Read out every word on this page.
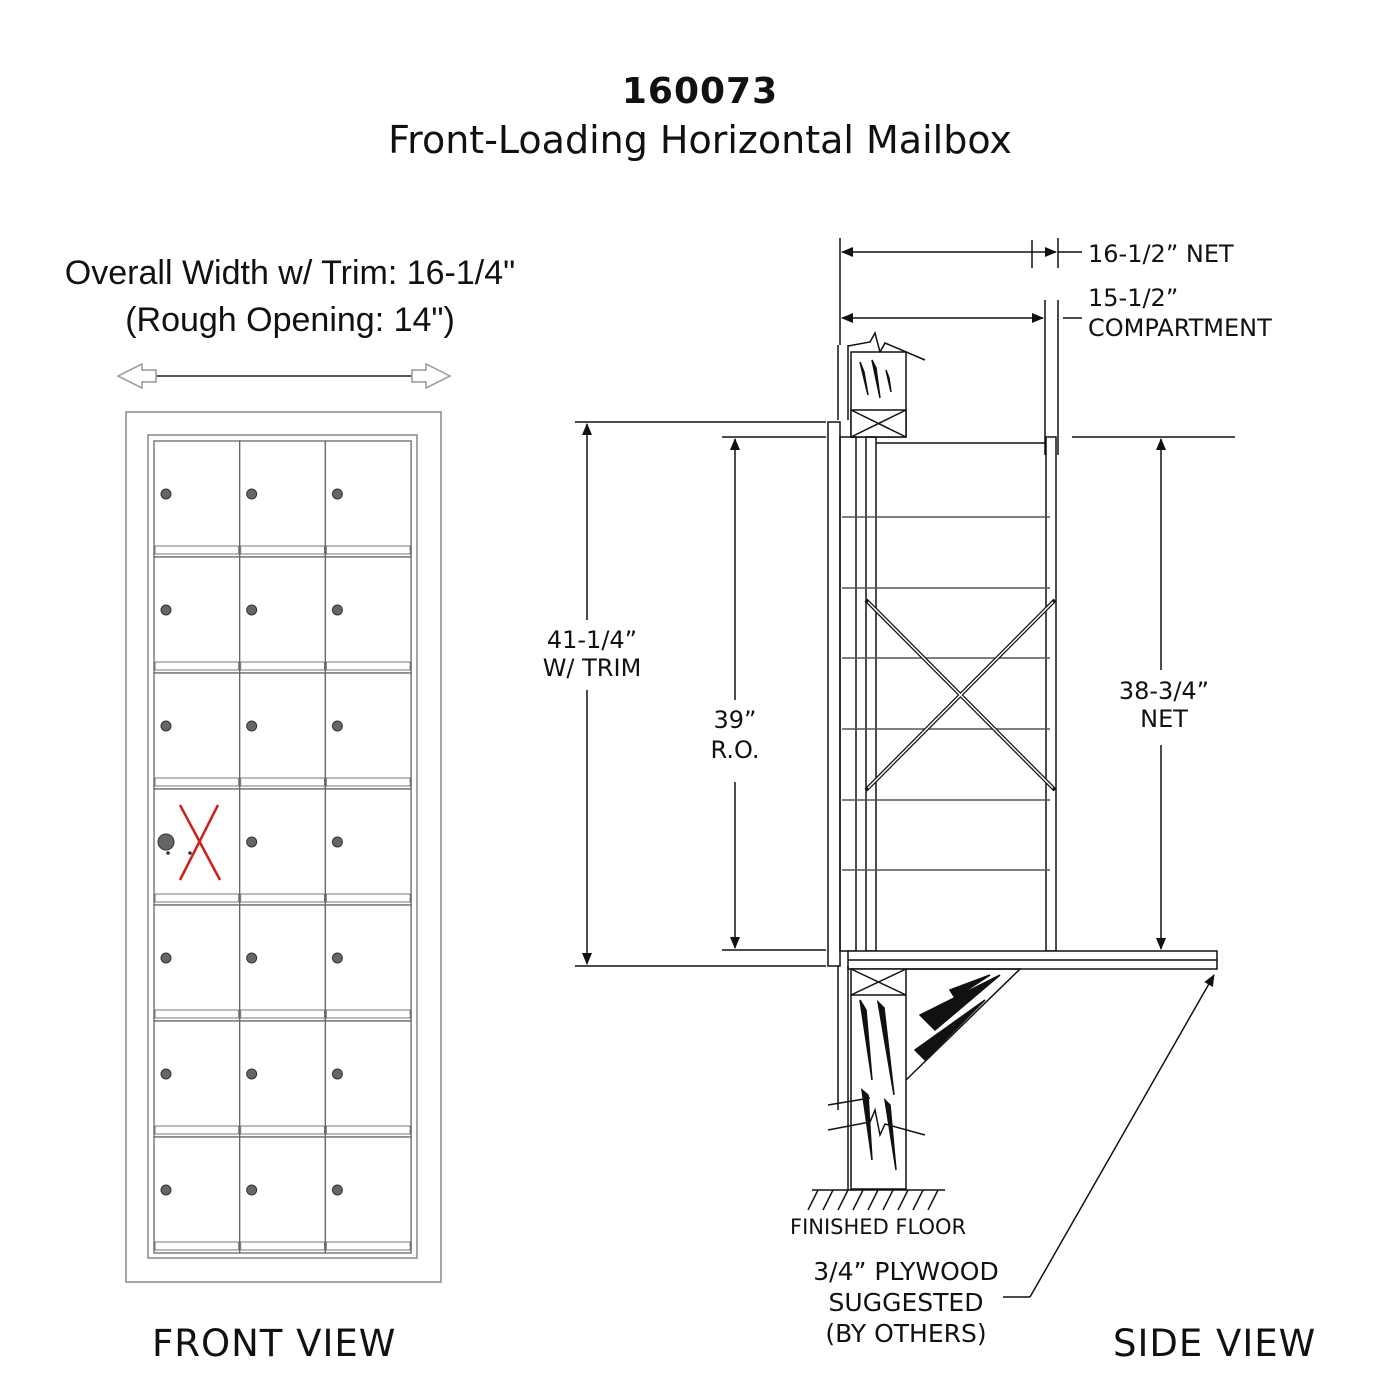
160073
Front-Loading Horizontal Mailbox
Overall Width w/ Trim: 16-1/4"
(Rough Opening: 14")
16-1/2” NET
15-1/2”
COMPARTMENT
FINISHED FLOOR
41-1/4”
W/ TRIM
39”
R.O.
38-3/4”
NET
3/4” PLYWOOD
SUGGESTED
(BY OTHERS)
FRONT VIEW	SIDE VIEW
